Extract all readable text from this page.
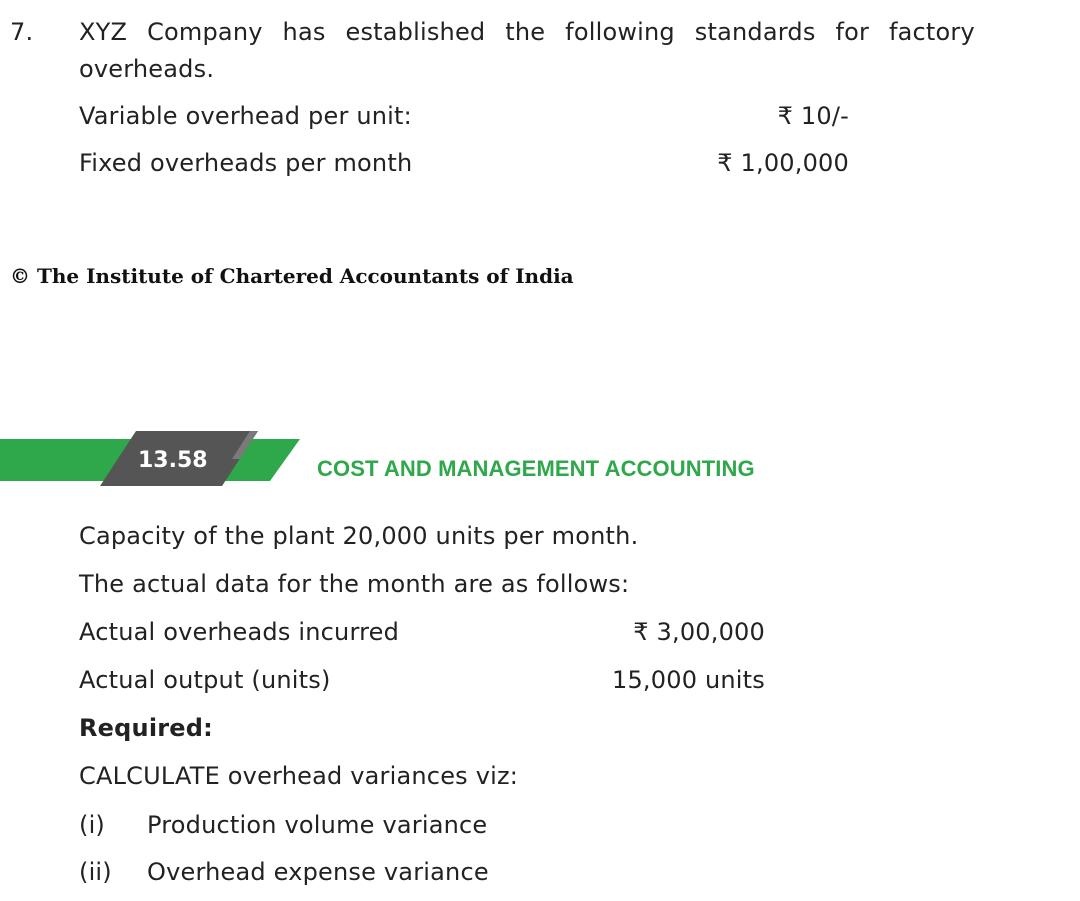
7. XYZ Company has established the following standards for factory
overheads.
Variable overhead per unit:	₹ 10/-
Fixed overheads per month	₹ 1,00,000
© The Institute of Chartered Accountants of India
13.58	COST AND MANAGEMENT ACCOUNTING
Capacity of the plant 20,000 units per month.
The actual data for the month are as follows:
Actual overheads incurred	₹ 3,00,000
Actual output (units)	15,000 units
Required:
CALCULATE overhead variances viz:
(i) Production volume variance
(ii) Overhead expense variance
